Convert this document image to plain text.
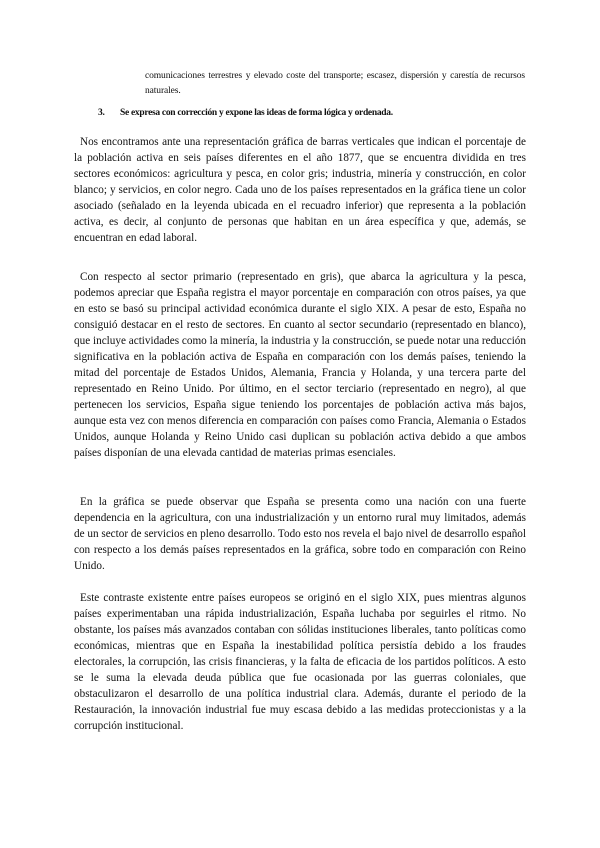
comunicaciones terrestres y elevado coste del transporte; escasez, dispersión y carestía de recursos naturales.
3. Se expresa con corrección y expone las ideas de forma lógica y ordenada.

Nos encontramos ante una representación gráfica de barras verticales que indican el porcentaje de la población activa en seis países diferentes en el año 1877, que se encuentra dividida en tres sectores económicos: agricultura y pesca, en color gris; industria, minería y construcción, en color blanco; y servicios, en color negro. Cada uno de los países representados en la gráfica tiene un color asociado (señalado en la leyenda ubicada en el recuadro inferior) que representa a la población activa, es decir, al conjunto de personas que habitan en un área específica y que, además, se encuentran en edad laboral.

Con respecto al sector primario (representado en gris), que abarca la agricultura y la pesca, podemos apreciar que España registra el mayor porcentaje en comparación con otros países, ya que en esto se basó su principal actividad económica durante el siglo XIX. A pesar de esto, España no consiguió destacar en el resto de sectores. En cuanto al sector secundario (representado en blanco), que incluye actividades como la minería, la industria y la construcción, se puede notar una reducción significativa en la población activa de España en comparación con los demás países, teniendo la mitad del porcentaje de Estados Unidos, Alemania, Francia y Holanda, y una tercera parte del representado en Reino Unido. Por último, en el sector terciario (representado en negro), al que pertenecen los servicios, España sigue teniendo los porcentajes de población activa más bajos, aunque esta vez con menos diferencia en comparación con países como Francia, Alemania o Estados Unidos, aunque Holanda y Reino Unido casi duplican su población activa debido a que ambos países disponían de una elevada cantidad de materias primas esenciales.

En la gráfica se puede observar que España se presenta como una nación con una fuerte dependencia en la agricultura, con una industrialización y un entorno rural muy limitados, además de un sector de servicios en pleno desarrollo. Todo esto nos revela el bajo nivel de desarrollo español con respecto a los demás países representados en la gráfica, sobre todo en comparación con Reino Unido.

Este contraste existente entre países europeos se originó en el siglo XIX, pues mientras algunos países experimentaban una rápida industrialización, España luchaba por seguirles el ritmo. No obstante, los países más avanzados contaban con sólidas instituciones liberales, tanto políticas como económicas, mientras que en España la inestabilidad política persistía debido a los fraudes electorales, la corrupción, las crisis financieras, y la falta de eficacia de los partidos políticos. A esto se le suma la elevada deuda pública que fue ocasionada por las guerras coloniales, que obstaculizaron el desarrollo de una política industrial clara. Además, durante el periodo de la Restauración, la innovación industrial fue muy escasa debido a las medidas proteccionistas y a la corrupción institucional.
